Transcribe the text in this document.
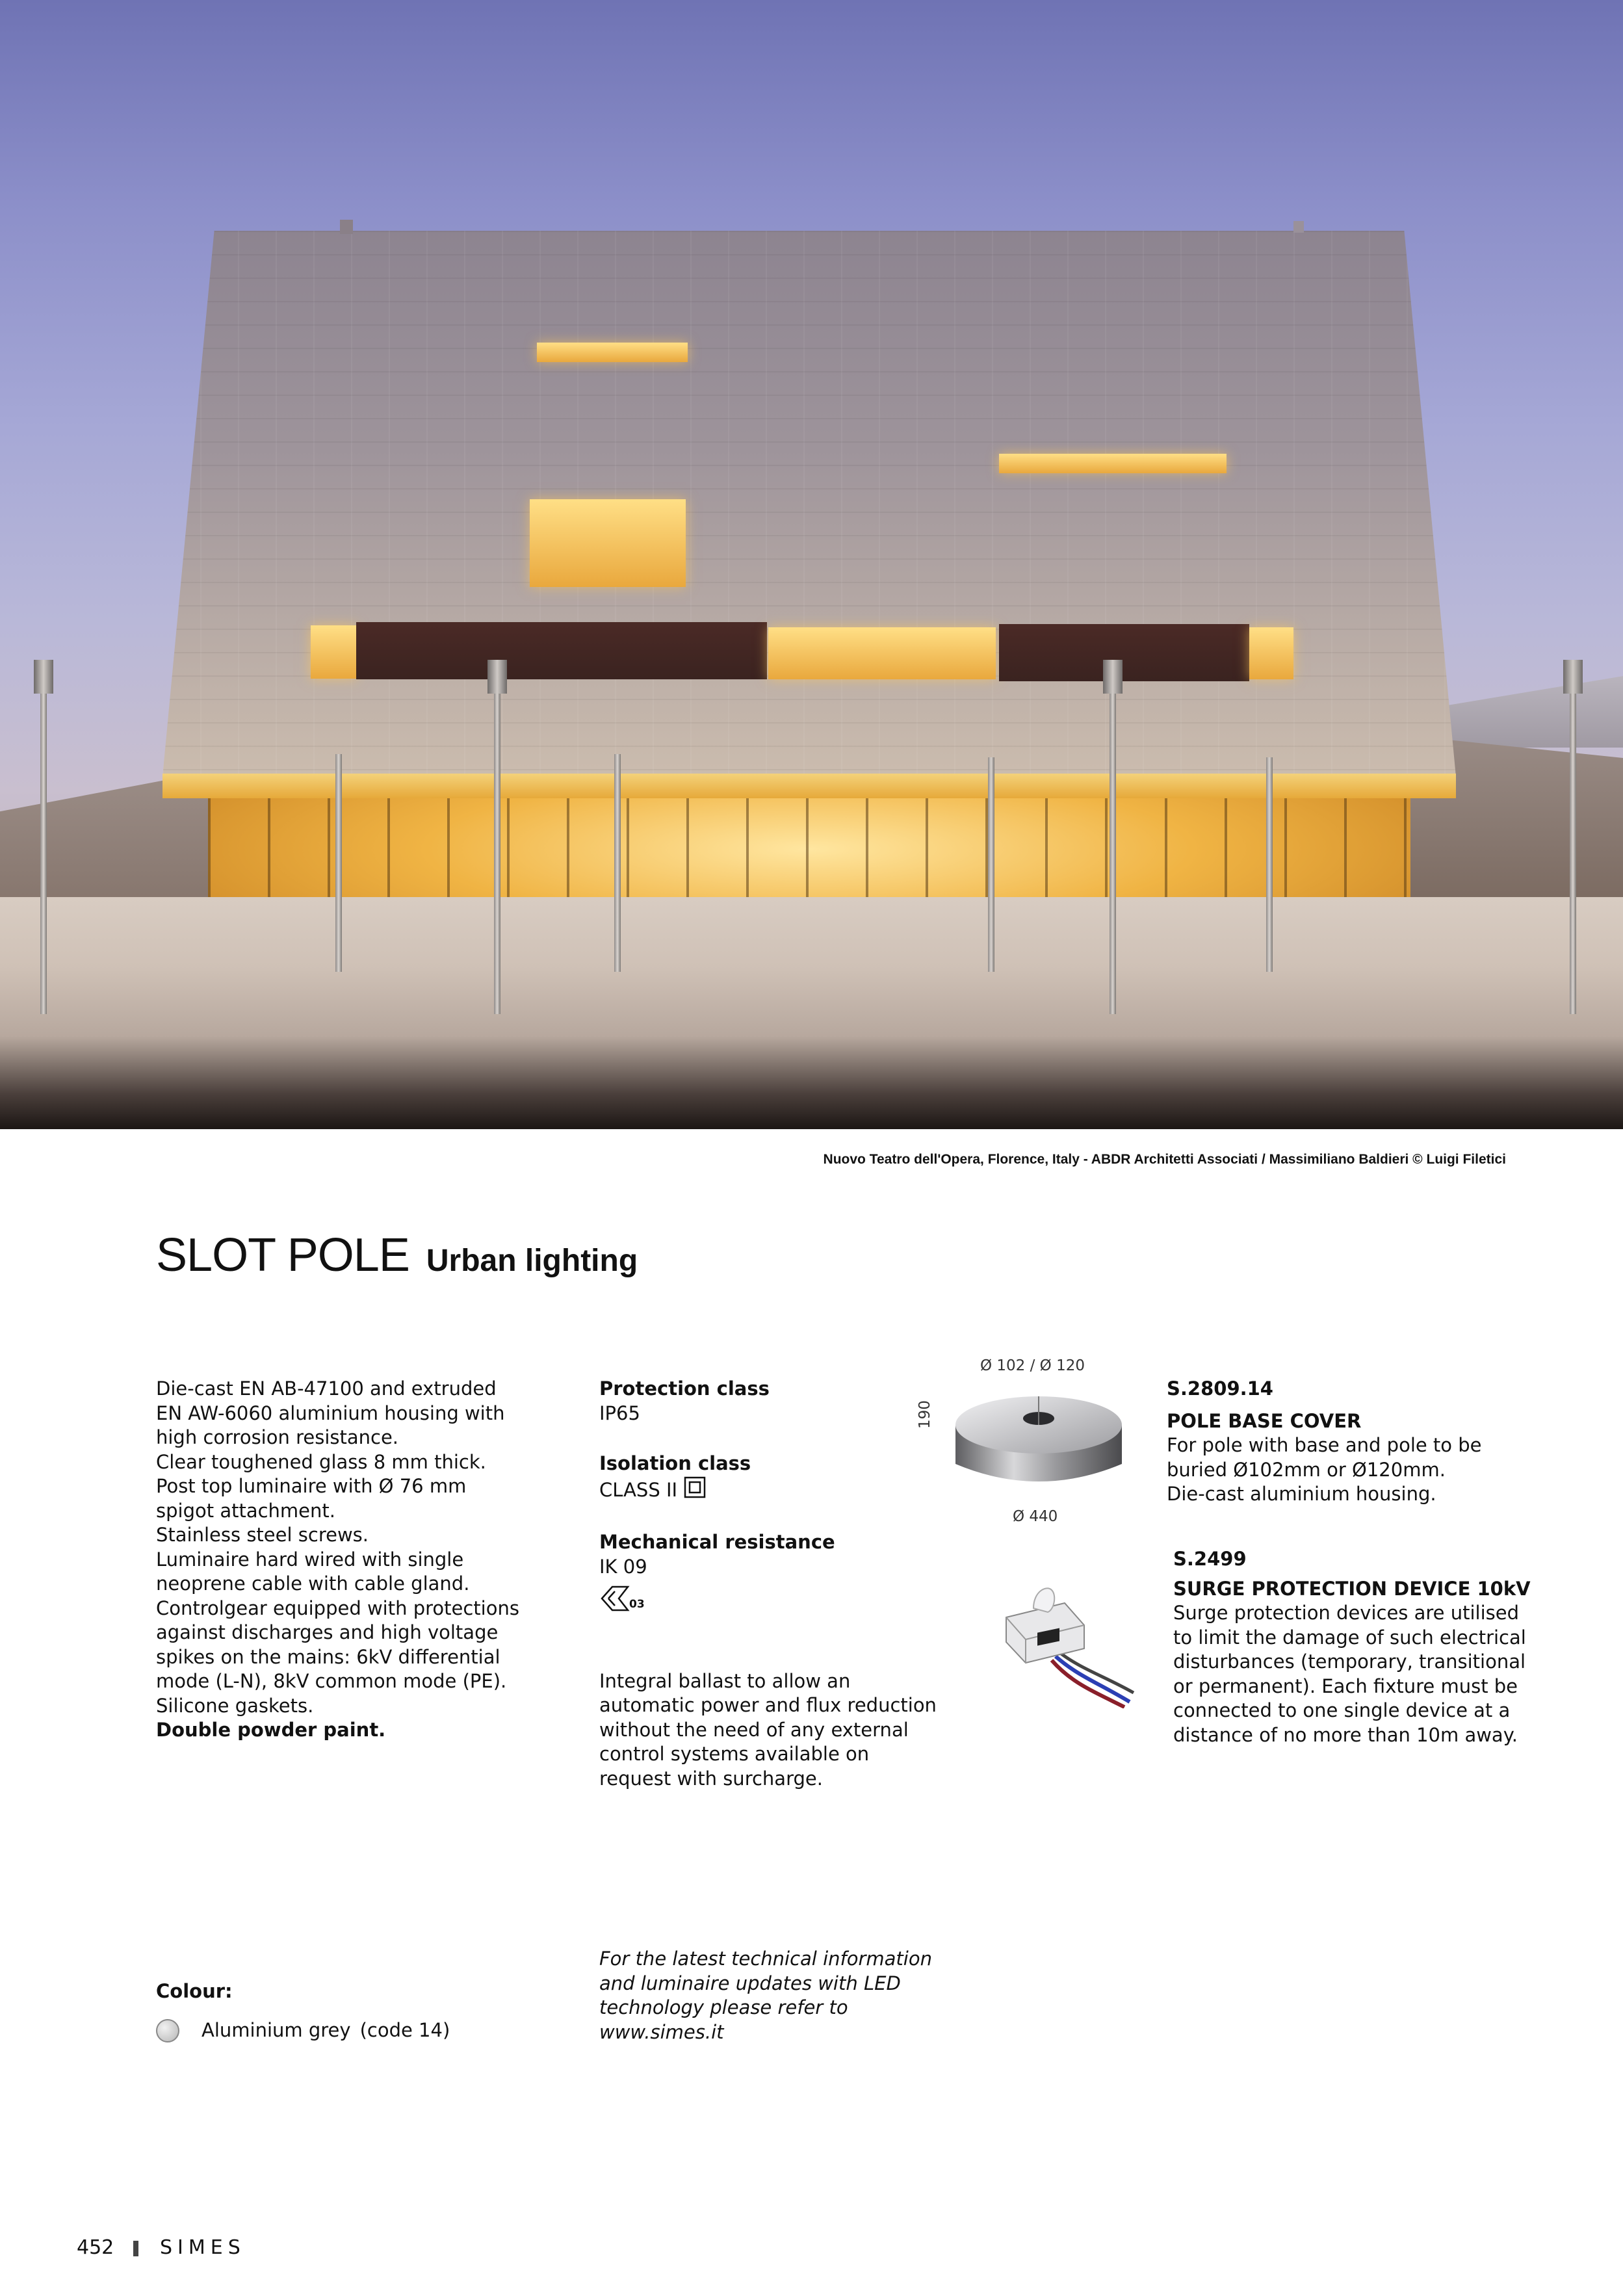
Nuovo Teatro dell'Opera, Florence, Italy - ABDR Architetti Associati / Massimiliano Baldieri © Luigi Filetici
SLOT POLE Urban lighting
Die-cast EN AB-47100 and extruded
EN AW-6060 aluminium housing with
high corrosion resistance.
Clear toughened glass 8 mm thick.
Post top luminaire with Ø 76 mm
spigot attachment.
Stainless steel screws.
Luminaire hard wired with single
neoprene cable with cable gland.
Controlgear equipped with protections
against discharges and high voltage
spikes on the mains: 6kV differential
mode (L-N), 8kV common mode (PE).
Silicone gaskets.
Double powder paint.
Protection class
IP65
Isolation class
CLASS II
Mechanical resistance
IK 09
03
Integral ballast to allow an
automatic power and flux reduction
without the need of any external
control systems available on
request with surcharge.
Ø 102 / Ø 120
190
Ø 440
S.2809.14
POLE BASE COVER
For pole with base and pole to be
buried Ø102mm or Ø120mm.
Die-cast aluminium housing.
S.2499
SURGE PROTECTION DEVICE 10kV
Surge protection devices are utilised
to limit the damage of such electrical
disturbances (temporary, transitional
or permanent). Each fixture must be
connected to one single device at a
distance of no more than 10m away.
Colour:
Aluminium grey (code 14)
For the latest technical information
and luminaire updates with LED
technology please refer to
www.simes.it
452 SIMES
